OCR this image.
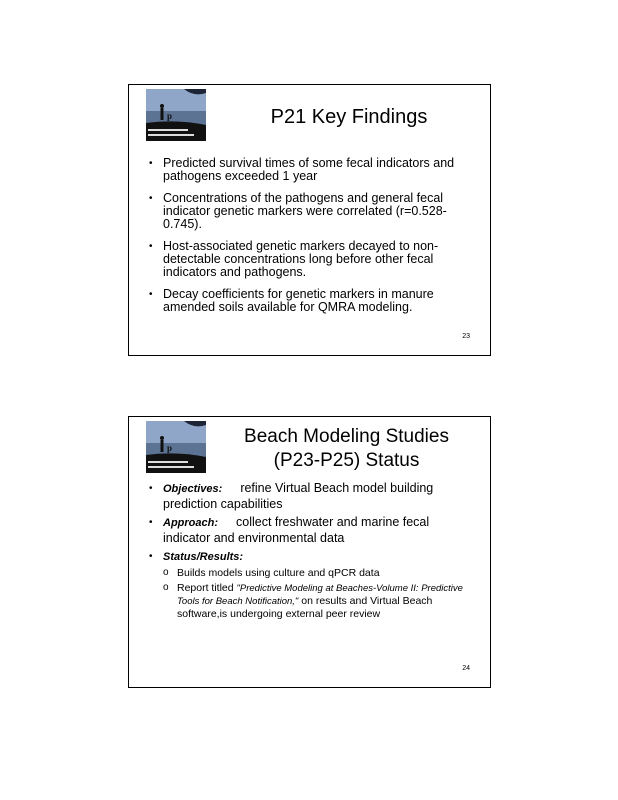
p	P21 Key Findings
• Predicted survival times of some fecal indicators and pathogens exceeded 1 year
• Concentrations of the pathogens and general fecal indicator genetic markers were correlated (r=0.528-0.745).
• Host-associated genetic markers decayed to non-detectable concentrations long before other fecal indicators and pathogens.
• Decay coefficients for genetic markers in manure amended soils available for QMRA modeling.
23
p
Beach Modeling Studies
(P23-P25) Status
• Objectives: refine Virtual Beach model building prediction capabilities
• Approach: collect freshwater and marine fecal indicator and environmental data
• Status/Results:
o Builds models using culture and qPCR data
o Report titled "Predictive Modeling at Beaches-Volume II: Predictive Tools for Beach Notification," on results and Virtual Beach software,is undergoing external peer review
24
